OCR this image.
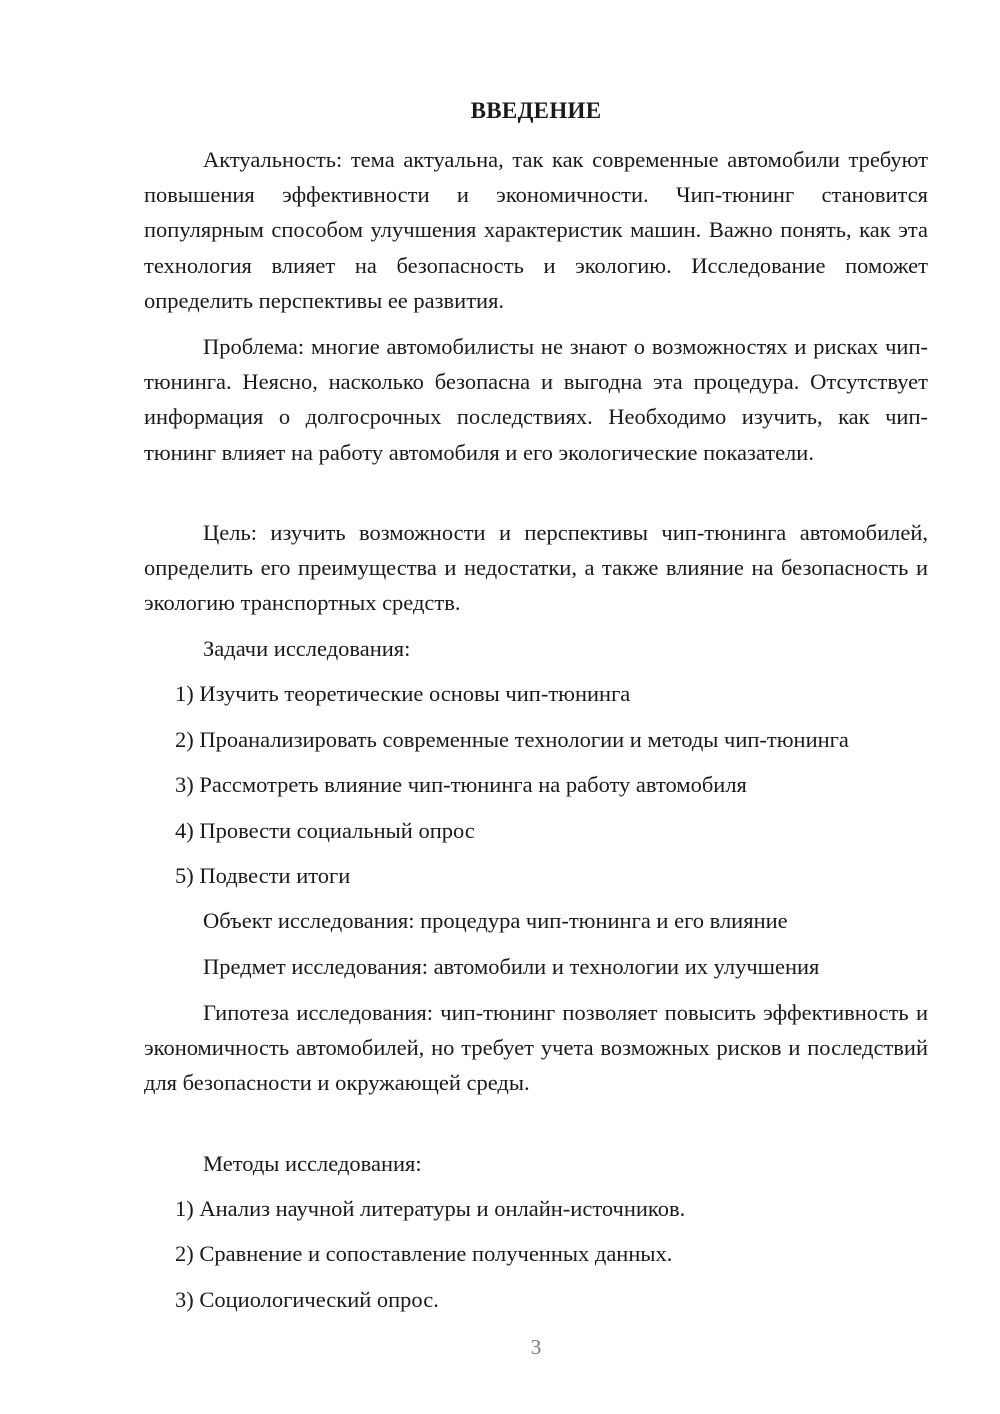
ВВЕДЕНИЕ

Актуальность: тема актуальна, так как современные автомобили требуют повышения эффективности и экономичности. Чип-тюнинг становится популярным способом улучшения характеристик машин. Важно понять, как эта технология влияет на безопасность и экологию. Исследование поможет определить перспективы ее развития.

Проблема: многие автомобилисты не знают о возможностях и рисках чип-тюнинга. Неясно, насколько безопасна и выгодна эта процедура. Отсутствует информация о долгосрочных последствиях. Необходимо изучить, как чип-тюнинг влияет на работу автомобиля и его экологические показатели.

Цель: изучить возможности и перспективы чип-тюнинга автомобилей, определить его преимущества и недостатки, а также влияние на безопасность и экологию транспортных средств.

Задачи исследования:

1) Изучить теоретические основы чип-тюнинга

2) Проанализировать современные технологии и методы чип-тюнинга

3) Рассмотреть влияние чип-тюнинга на работу автомобиля

4) Провести социальный опрос

5) Подвести итоги

Объект исследования: процедура чип-тюнинга и его влияние

Предмет исследования: автомобили и технологии их улучшения

Гипотеза исследования: чип-тюнинг позволяет повысить эффективность и экономичность автомобилей, но требует учета возможных рисков и последствий для безопасности и окружающей среды.

Методы исследования:

1) Анализ научной литературы и онлайн-источников.

2) Сравнение и сопоставление полученных данных.

3) Социологический опрос.

3
